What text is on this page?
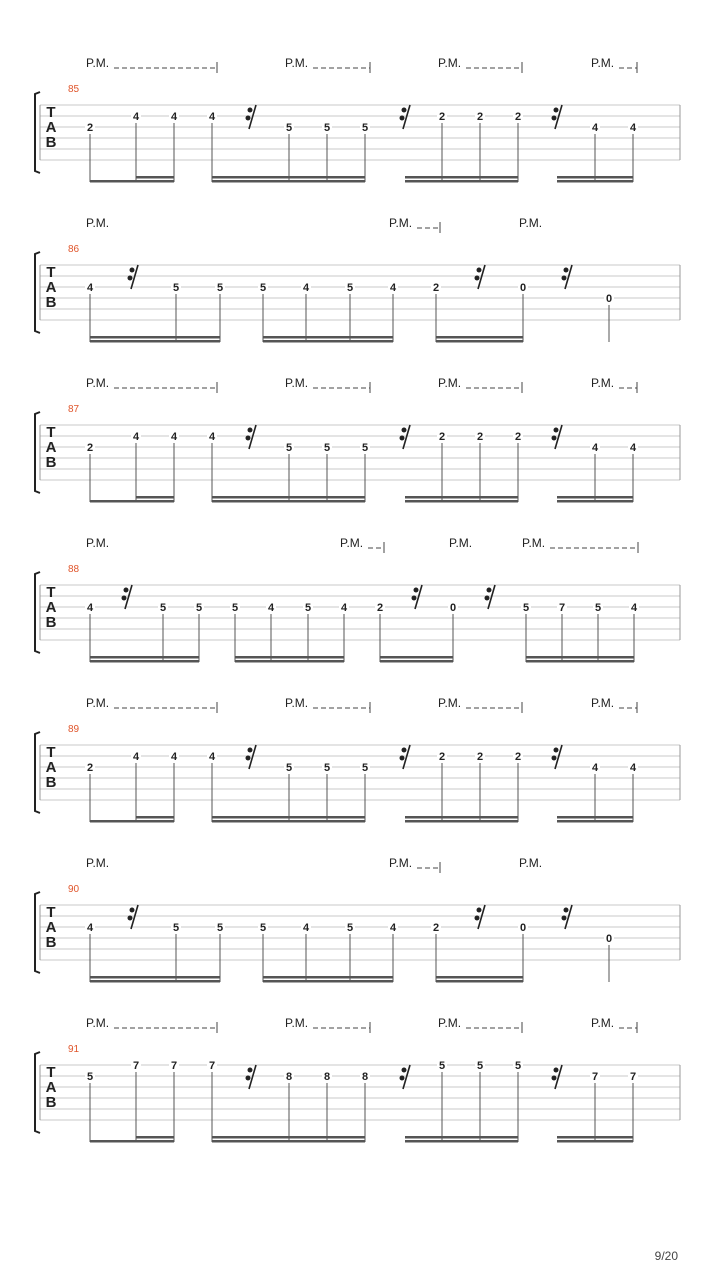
T
A
B
85
P.M.	P.M.	P.M.	P.M.
2
4	4	4
5	5	5
2	2	2
4	4
T
A
B
86
P.M.	P.M.	P.M.
4	5	5	5	4	5	4	2	0
0
T
A
B
87
P.M.	P.M.	P.M.	P.M.
2
4	4	4
5	5	5
2	2	2
4	4
T
A
B
88
P.M.	P.M.	P.M.	P.M.
4	5	5	5	4	5	4	2	0	5	7	5	4
T
A
B
89
P.M.	P.M.	P.M.	P.M.
2
4	4	4
5	5	5
2	2	2
4	4
T
A
B
90
P.M.	P.M.	P.M.
4	5	5	5	4	5	4	2	0
0
T
A
B
91
P.M.	P.M.	P.M.	P.M.
5
7	7	7
8	8	8
5	5	5
7	7
9/20
